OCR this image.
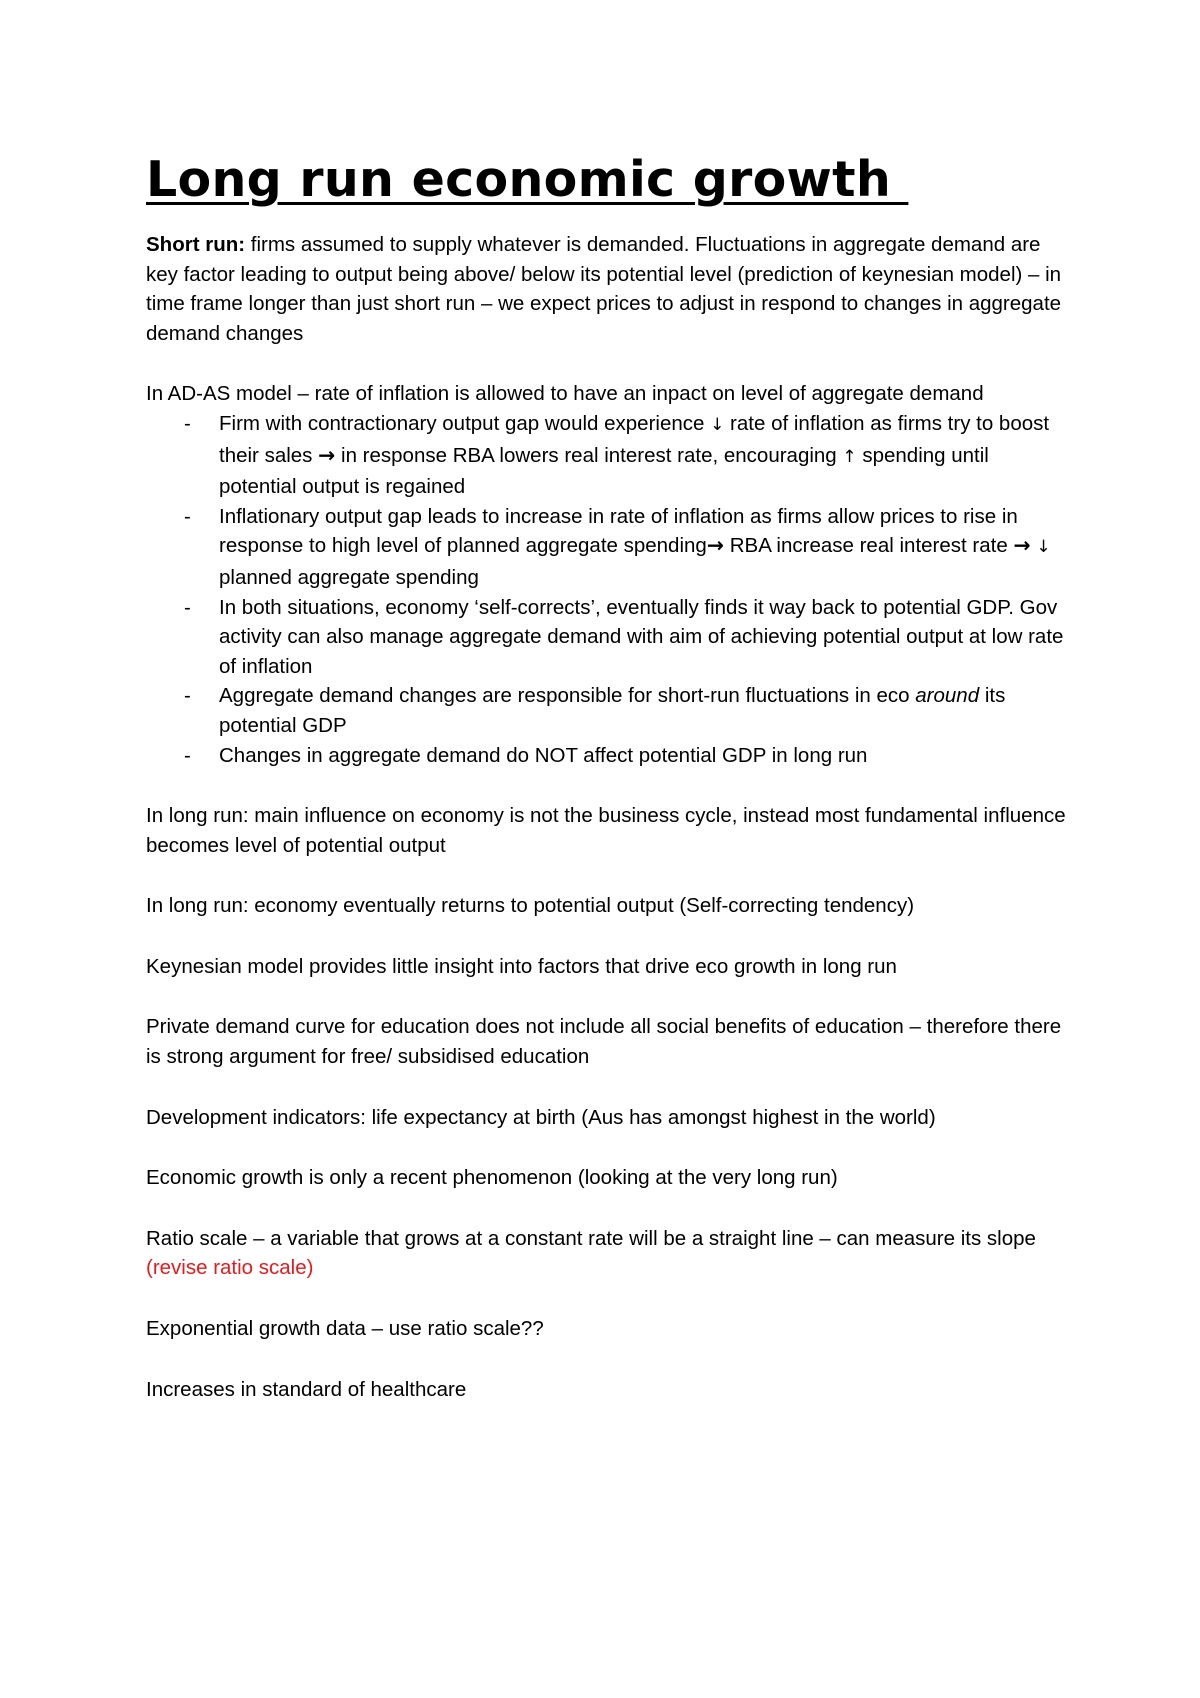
Long run economic growth

Short run: firms assumed to supply whatever is demanded. Fluctuations in aggregate demand are key factor leading to output being above/ below its potential level (prediction of keynesian model) – in time frame longer than just short run – we expect prices to adjust in respond to changes in aggregate demand changes

In AD-AS model – rate of inflation is allowed to have an inpact on level of aggregate demand

- Firm with contractionary output gap would experience ↓ rate of inflation as firms try to boost their sales → in response RBA lowers real interest rate, encouraging ↑ spending until potential output is regained
- Inflationary output gap leads to increase in rate of inflation as firms allow prices to rise in response to high level of planned aggregate spending→ RBA increase real interest rate → ↓ planned aggregate spending
- In both situations, economy ‘self-corrects’, eventually finds it way back to potential GDP. Gov activity can also manage aggregate demand with aim of achieving potential output at low rate of inflation
- Aggregate demand changes are responsible for short-run fluctuations in eco around its potential GDP
- Changes in aggregate demand do NOT affect potential GDP in long run

In long run: main influence on economy is not the business cycle, instead most fundamental influence becomes level of potential output

In long run: economy eventually returns to potential output (Self-correcting tendency)

Keynesian model provides little insight into factors that drive eco growth in long run

Private demand curve for education does not include all social benefits of education – therefore there is strong argument for free/ subsidised education

Development indicators: life expectancy at birth (Aus has amongst highest in the world)

Economic growth is only a recent phenomenon (looking at the very long run)

Ratio scale – a variable that grows at a constant rate will be a straight line – can measure its slope (revise ratio scale)

Exponential growth data – use ratio scale??

Increases in standard of healthcare
